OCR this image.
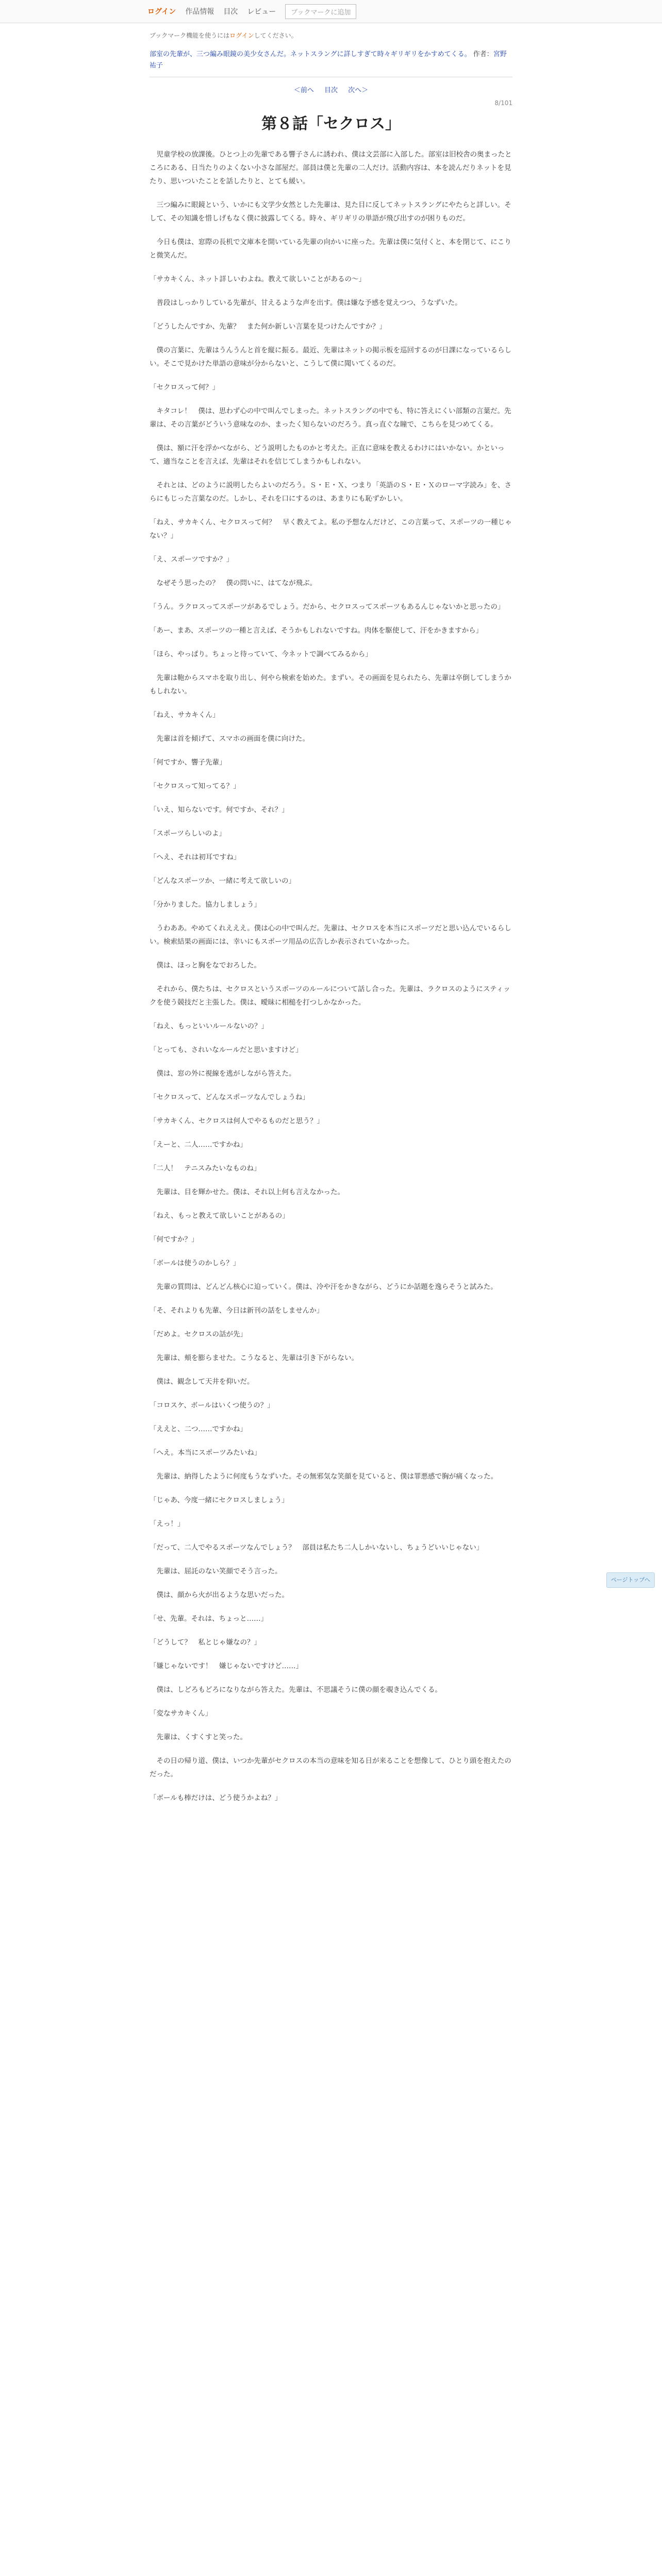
ログイン 作品情報 目次 レビュー	ブックマークに追加
ブックマーク機能を使うにはログインしてください。
部室の先輩が、三つ編み眼鏡の美少女さんだ。ネットスラングに詳しすぎて時々ギリギリをかすめてくる。 作者：宮野 祐子
＜前へ 目次 次へ＞
8/101
第８話「セクロス」

　児童学校の放課後。ひとつ上の先輩である響子さんに誘われ、僕は文芸部に入部した。部室は旧校舎の奥まったところにある、日当たりのよくない小さな部屋だ。部員は僕と先輩の二人だけ。活動内容は、本を読んだりネットを見たり、思いついたことを話したりと、とても緩い。

　三つ編みに眼鏡という、いかにも文学少女然とした先輩は、見た目に反してネットスラングにやたらと詳しい。そして、その知識を惜しげもなく僕に披露してくる。時々、ギリギリの単語が飛び出すのが困りものだ。

　今日も僕は、窓際の長机で文庫本を開いている先輩の向かいに座った。先輩は僕に気付くと、本を閉じて、にこりと微笑んだ。

「サカキくん、ネット詳しいわよね。教えて欲しいことがあるの～」

　普段はしっかりしている先輩が、甘えるような声を出す。僕は嫌な予感を覚えつつ、うなずいた。

「どうしたんですか、先輩？　また何か新しい言葉を見つけたんですか？」

　僕の言葉に、先輩はうんうんと首を縦に振る。最近、先輩はネットの掲示板を巡回するのが日課になっているらしい。そこで見かけた単語の意味が分からないと、こうして僕に聞いてくるのだ。

「セクロスって何？」

　キタコレ！　僕は、思わず心の中で叫んでしまった。ネットスラングの中でも、特に答えにくい部類の言葉だ。先輩は、その言葉がどういう意味なのか、まったく知らないのだろう。真っ直ぐな瞳で、こちらを見つめてくる。

　僕は、額に汗を浮かべながら、どう説明したものかと考えた。正直に意味を教えるわけにはいかない。かといって、適当なことを言えば、先輩はそれを信じてしまうかもしれない。

　それとは、どのように説明したらよいのだろう。Ｓ・Ｅ・Ｘ、つまり「英語のＳ・Ｅ・Ｘのローマ字読み」を、さらにもじった言葉なのだ。しかし、それを口にするのは、あまりにも恥ずかしい。

「ねえ、サカキくん、セクロスって何？　早く教えてよ。私の予想なんだけど、この言葉って、スポーツの一種じゃない？」

「え、スポーツですか？」

　なぜそう思ったの？　僕の問いに、はてなが飛ぶ。

「うん。ラクロスってスポーツがあるでしょう。だから、セクロスってスポーツもあるんじゃないかと思ったの」

「あー、まあ、スポーツの一種と言えば、そうかもしれないですね。肉体を駆使して、汗をかきますから」

「ほら、やっぱり。ちょっと待っていて、今ネットで調べてみるから」

　先輩は鞄からスマホを取り出し、何やら検索を始めた。まずい。その画面を見られたら、先輩は卒倒してしまうかもしれない。

「ねえ、サカキくん」

　先輩は首を傾げて、スマホの画面を僕に向けた。

「何ですか、響子先輩」

「セクロスって知ってる？」

「いえ、知らないです。何ですか、それ？」

「スポーツらしいのよ」

「へえ、それは初耳ですね」

「どんなスポーツか、一緒に考えて欲しいの」

「分かりました。協力しましょう」

　うわああ。やめてくれえええ。僕は心の中で叫んだ。先輩は、セクロスを本当にスポーツだと思い込んでいるらしい。検索結果の画面には、幸いにもスポーツ用品の広告しか表示されていなかった。

　僕は、ほっと胸をなでおろした。

　それから、僕たちは、セクロスというスポーツのルールについて話し合った。先輩は、ラクロスのようにスティックを使う競技だと主張した。僕は、曖昧に相槌を打つしかなかった。

「ねえ、もっといいルールないの？」

「とっても、されいなルールだと思いますけど」

　僕は、窓の外に視線を逃がしながら答えた。

「セクロスって、どんなスポーツなんでしょうね」

「サカキくん、セクロスは何人でやるものだと思う？」

「えーと、二人……ですかね」

「二人！　テニスみたいなものね」

　先輩は、目を輝かせた。僕は、それ以上何も言えなかった。

「ねえ、もっと教えて欲しいことがあるの」

「何ですか？」

「ボールは使うのかしら？」

　先輩の質問は、どんどん核心に迫っていく。僕は、冷や汗をかきながら、どうにか話題を逸らそうと試みた。

「そ、それよりも先輩、今日は新刊の話をしませんか」

「だめよ。セクロスの話が先」

　先輩は、頬を膨らませた。こうなると、先輩は引き下がらない。

　僕は、観念して天井を仰いだ。

「コロスケ、ボールはいくつ使うの？」

「ええと、二つ……ですかね」

「へえ。本当にスポーツみたいね」

　先輩は、納得したように何度もうなずいた。その無邪気な笑顔を見ていると、僕は罪悪感で胸が痛くなった。

「じゃあ、今度一緒にセクロスしましょう」

「えっ！」

「だって、二人でやるスポーツなんでしょう？　部員は私たち二人しかいないし、ちょうどいいじゃない」

　先輩は、屈託のない笑顔でそう言った。

　僕は、顔から火が出るような思いだった。

「せ、先輩。それは、ちょっと……」

「どうして？　私とじゃ嫌なの？」

「嫌じゃないです！　嫌じゃないですけど……」

　僕は、しどろもどろになりながら答えた。先輩は、不思議そうに僕の顔を覗き込んでくる。

「変なサカキくん」

　先輩は、くすくすと笑った。

　その日の帰り道、僕は、いつか先輩がセクロスの本当の意味を知る日が来ることを想像して、ひとり頭を抱えたのだった。

「ボールも棒だけは、どう使うかよね？」

ページトップへ
